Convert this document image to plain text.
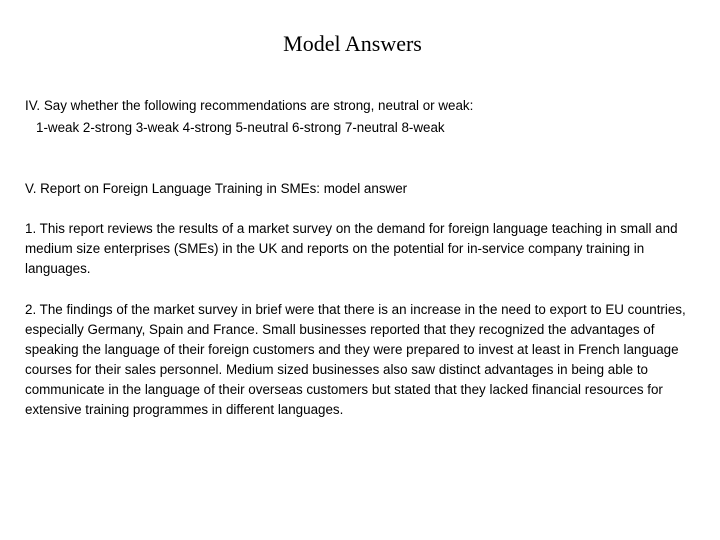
Model Answers

IV. Say whether the following recommendations are strong, neutral or weak:

1-weak 2-strong 3-weak 4-strong 5-neutral 6-strong 7-neutral 8-weak

V. Report on Foreign Language Training in SMEs: model answer

1. This report reviews the results of a market survey on the demand for foreign language teaching in small and medium size enterprises (SMEs) in the UK and reports on the potential for in-service company training in languages.

2. The findings of the market survey in brief were that there is an increase in the need to export to EU countries, especially Germany, Spain and France. Small businesses reported that they recognized the advantages of speaking the language of their foreign customers and they were prepared to invest at least in French language courses for their sales personnel. Medium sized businesses also saw distinct advantages in being able to communicate in the language of their overseas customers but stated that they lacked financial resources for extensive training programmes in different languages.
